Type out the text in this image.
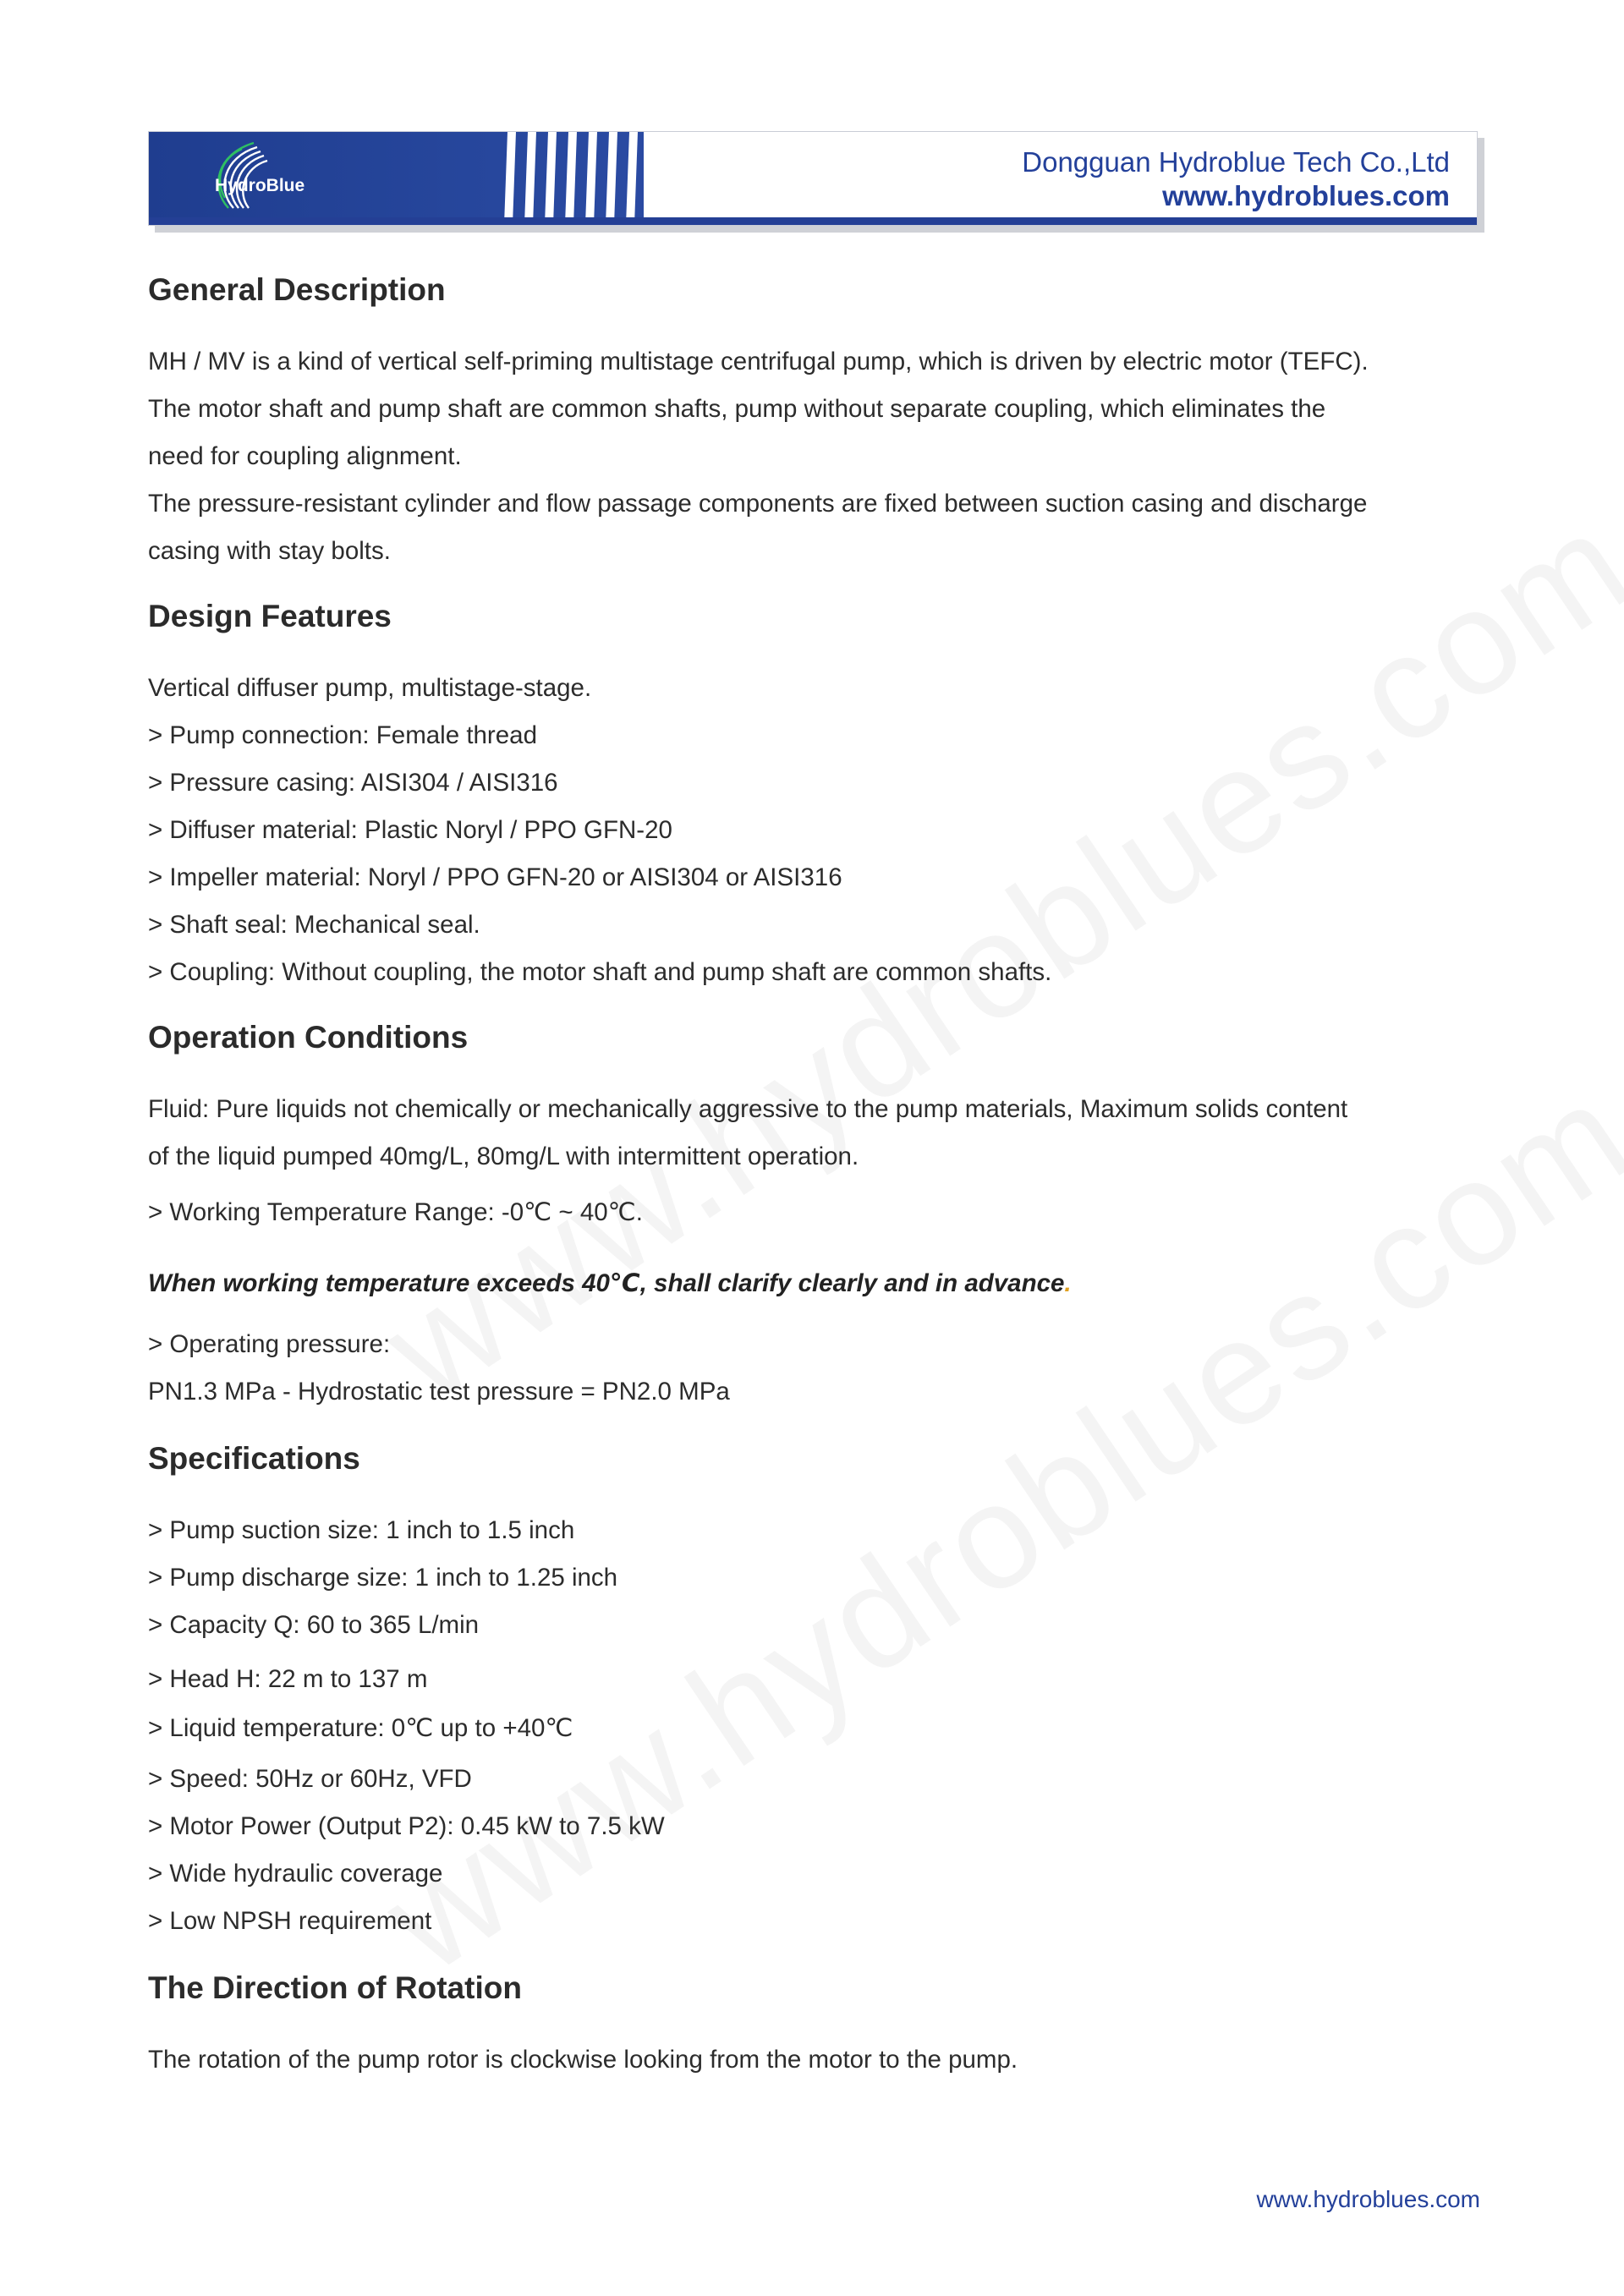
HydroBlue
Dongguan Hydroblue Tech Co.,Ltd
www.hydroblues.com
General Description
MH / MV is a kind of vertical self-priming multistage centrifugal pump, which is driven by electric motor (TEFC).
The motor shaft and pump shaft are common shafts, pump without separate coupling, which eliminates the
need for coupling alignment.
The pressure-resistant cylinder and flow passage components are fixed between suction casing and discharge
casing with stay bolts.
Design Features
Vertical diffuser pump, multistage-stage.
> Pump connection: Female thread
> Pressure casing: AISI304 / AISI316
> Diffuser material: Plastic Noryl / PPO GFN-20
> Impeller material: Noryl / PPO GFN-20 or AISI304 or AISI316
> Shaft seal: Mechanical seal.
> Coupling: Without coupling, the motor shaft and pump shaft are common shafts.
Operation Conditions
Fluid: Pure liquids not chemically or mechanically aggressive to the pump materials, Maximum solids content
of the liquid pumped 40mg/L, 80mg/L with intermittent operation.
> Working Temperature Range: -0℃ ~ 40℃.
When working temperature exceeds 40℃, shall clarify clearly and in advance.
> Operating pressure:
PN1.3 MPa - Hydrostatic test pressure = PN2.0 MPa
Specifications
> Pump suction size: 1 inch to 1.5 inch
> Pump discharge size: 1 inch to 1.25 inch
> Capacity Q: 60 to 365 L/min
> Head H: 22 m to 137 m
> Liquid temperature: 0℃ up to +40℃
> Speed: 50Hz or 60Hz, VFD
> Motor Power (Output P2): 0.45 kW to 7.5 kW
> Wide hydraulic coverage
> Low NPSH requirement
The Direction of Rotation
The rotation of the pump rotor is clockwise looking from the motor to the pump.
www.hydroblues.com
